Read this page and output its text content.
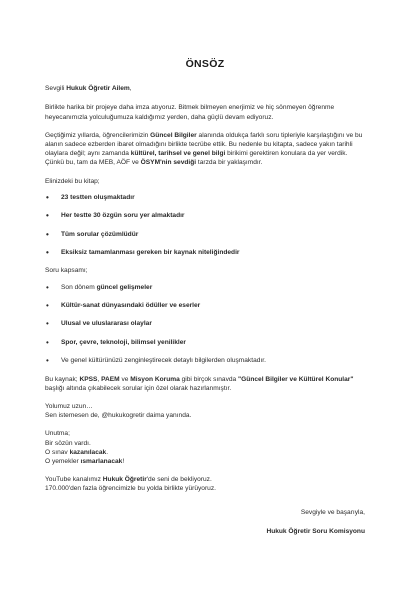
ÖNSÖZ

Sevgili Hukuk Öğretir Ailem,

Birlikte harika bir projeye daha imza atıyoruz. Bitmek bilmeyen enerjimiz ve hiç sönmeyen öğrenme heyecanımızla yolculuğumuza kaldığımız yerden, daha güçlü devam ediyoruz.

Geçtiğimiz yıllarda, öğrencilerimizin Güncel Bilgiler alanında oldukça farklı soru tipleriyle karşılaştığını ve bu alanın sadece ezberden ibaret olmadığını birlikte tecrübe ettik. Bu nedenle bu kitapta, sadece yakın tarihli olaylara değil; aynı zamanda kültürel, tarihsel ve genel bilgi birikimi gerektiren konulara da yer verdik. Çünkü bu, tam da MEB, AÖF ve ÖSYM'nin sevdiği tarzda bir yaklaşımdır.

Elinizdeki bu kitap;

• 23 testten oluşmaktadır
• Her testte 30 özgün soru yer almaktadır
• Tüm sorular çözümlüdür
• Eksiksiz tamamlanması gereken bir kaynak niteliğindedir

Soru kapsamı;

• Son dönem güncel gelişmeler
• Kültür-sanat dünyasındaki ödüller ve eserler
• Ulusal ve uluslararası olaylar
• Spor, çevre, teknoloji, bilimsel yenilikler
• Ve genel kültürünüzü zenginleştirecek detaylı bilgilerden oluşmaktadır.

Bu kaynak; KPSS, PAEM ve Misyon Koruma gibi birçok sınavda "Güncel Bilgiler ve Kültürel Konular" başlığı altında çıkabilecek sorular için özel olarak hazırlanmıştır.

Yolumuz uzun…
Sen istemesen de, @hukukogretir daima yanında.

Unutma;
Bir sözün vardı.
O sınav kazanılacak.
O yemekler ısmarlanacak!

YouTube kanalımız Hukuk Öğretir'de seni de bekliyoruz.
170.000'den fazla öğrencimizle bu yolda birlikte yürüyoruz.

Sevgiyle ve başarıyla,

Hukuk Öğretir Soru Komisyonu
